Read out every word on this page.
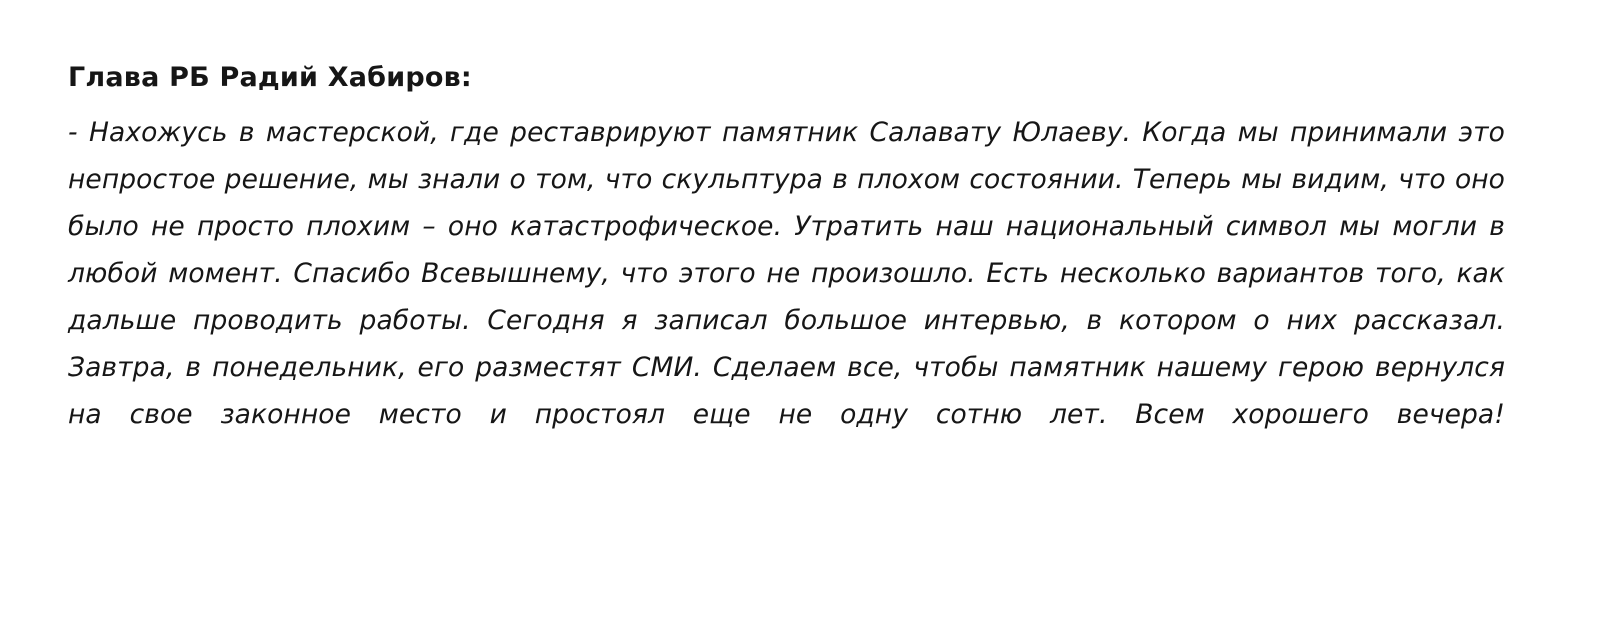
Глава РБ Радий Хабиров:

- Нахожусь в мастерской, где реставрируют памятник Салавату Юлаеву. Когда мы принимали это непростое решение, мы знали о том, что скульптура в плохом состоянии. Теперь мы видим, что оно было не просто плохим – оно катастрофическое. Утратить наш национальный символ мы могли в любой момент. Спасибо Всевышнему, что этого не произошло. Есть несколько вариантов того, как дальше проводить работы. Сегодня я записал большое интервью, в котором о них рассказал. Завтра, в понедельник, его разместят СМИ. Сделаем все, чтобы памятник нашему герою вернулся на свое законное место и простоял еще не одну сотню лет. Всем хорошего вечера!
